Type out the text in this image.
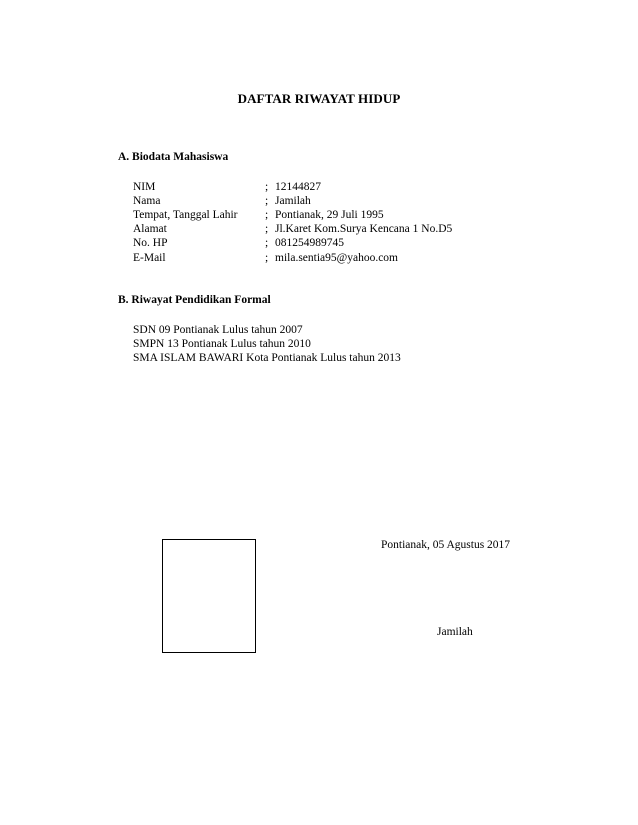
DAFTAR RIWAYAT HIDUP
A. Biodata Mahasiswa
NIM	; 12144827
Nama	; Jamilah
Tempat, Tanggal Lahir ; Pontianak, 29 Juli 1995
Alamat	; Jl.Karet Kom.Surya Kencana 1 No.D5
No. HP	; 081254989745
E-Mail	; mila.sentia95@yahoo.com
B. Riwayat Pendidikan Formal
SDN 09 Pontianak Lulus tahun 2007
SMPN 13 Pontianak Lulus tahun 2010
SMA ISLAM BAWARI Kota Pontianak Lulus tahun 2013
Pontianak, 05 Agustus 2017
Jamilah
